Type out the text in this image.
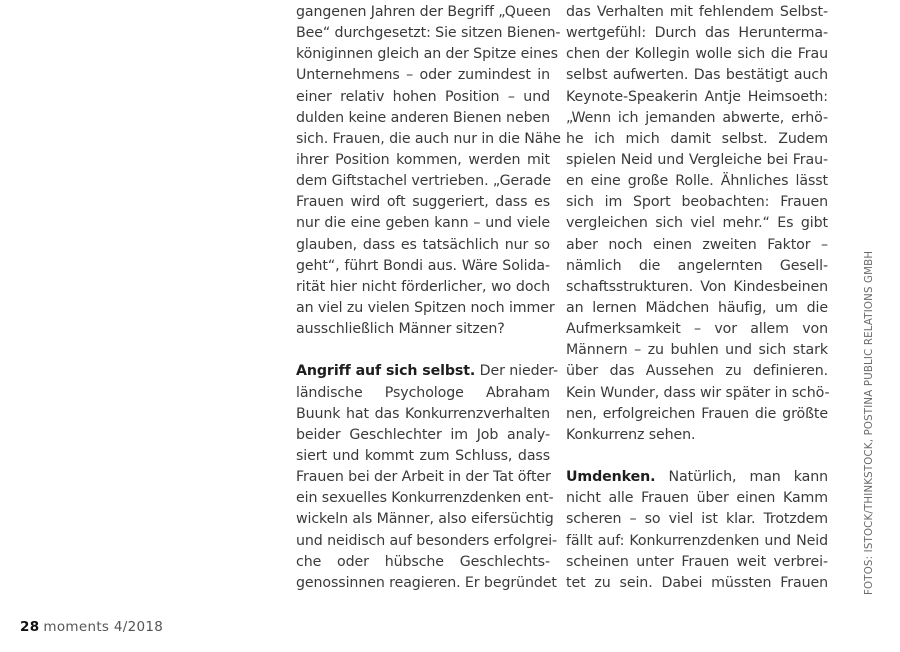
gangenen Jahren der Begriff „Queen
Bee“ durchgesetzt: Sie sitzen Bienen-
königinnen gleich an der Spitze eines
Unternehmens – oder zumindest in
einer relativ hohen Position – und
dulden keine anderen Bienen neben
sich. Frauen, die auch nur in die Nähe
ihrer Position kommen, werden mit
dem Giftstachel vertrieben. „Gerade
Frauen wird oft suggeriert, dass es
nur die eine geben kann – und viele
glauben, dass es tatsächlich nur so
geht“, führt Bondi aus. Wäre Solida-
rität hier nicht förderlicher, wo doch
an viel zu vielen Spitzen noch immer
ausschließlich Männer sitzen?
Angriff auf sich selbst. Der nieder-
ländische Psychologe Abraham
Buunk hat das Konkurrenzverhalten
beider Geschlechter im Job analy-
siert und kommt zum Schluss, dass
Frauen bei der Arbeit in der Tat öfter
ein sexuelles Konkurrenzdenken ent-
wickeln als Männer, also eifersüchtig
und neidisch auf besonders erfolgrei-
che oder hübsche Geschlechts-
genossinnen reagieren. Er begründet
das Verhalten mit fehlendem Selbst-
wertgefühl: Durch das Heruntermа-
chen der Kollegin wolle sich die Frau
selbst aufwerten. Das bestätigt auch
Keynote-Speakerin Antje Heimsoeth:
„Wenn ich jemanden abwerte, erhö-
he ich mich damit selbst. Zudem
spielen Neid und Vergleiche bei Frau-
en eine große Rolle. Ähnliches lässt
sich im Sport beobachten: Frauen
vergleichen sich viel mehr.“ Es gibt
aber noch einen zweiten Faktor –
nämlich die angelernten Gesell-
schaftsstrukturen. Von Kindesbeinen
an lernen Mädchen häufig, um die
Aufmerksamkeit – vor allem von
Männern – zu buhlen und sich stark
über das Aussehen zu definieren.
Kein Wunder, dass wir später in schö-
nen, erfolgreichen Frauen die größte
Konkurrenz sehen.
Umdenken. Natürlich, man kann
nicht alle Frauen über einen Kamm
scheren – so viel ist klar. Trotzdem
fällt auf: Konkurrenzdenken und Neid
scheinen unter Frauen weit verbrei-
tet zu sein. Dabei müssten Frauen
28 moments 4/2018
FOTOS: ISTOCK/THINKSTOCK, POSTINA PUBLIC RELATIONS GMBH
